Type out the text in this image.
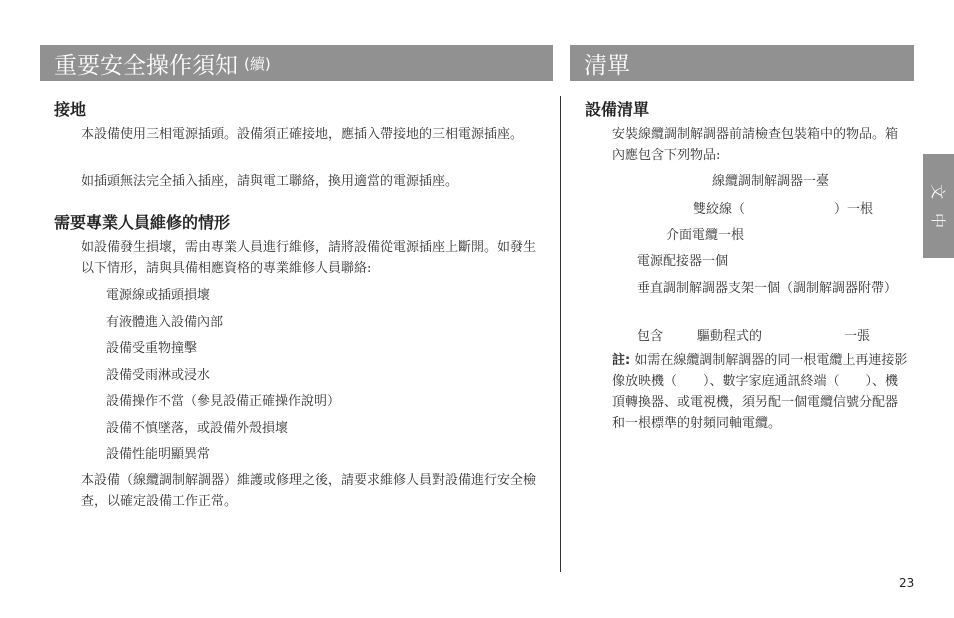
重要安全操作須知 (續)	清單
接地
本設備使用三相電源插頭。設備須正確接地，應插入帶接地的三相電源插座。
如插頭無法完全插入插座，請與電工聯絡，換用適當的電源插座。
需要專業人員維修的情形
如設備發生損壞，需由專業人員進行維修，請將設備從電源插座上斷開。如發生以下情形，請與具備相應資格的專業維修人員聯絡:
電源線或插頭損壞
有液體進入設備內部
設備受重物撞擊
設備受雨淋或浸水
設備操作不當（參見設備正確操作說明）
設備不慎墜落，或設備外殼損壞
設備性能明顯異常
本設備（線纜調制解調器）維護或修理之後，請要求維修人員對設備進行安全檢查，以確定設備工作正常。
設備清單
安裝線纜調制解調器前請檢查包裝箱中的物品。箱內應包含下列物品:
線纜調制解調器一臺
雙絞線（	）一根
介面電纜一根
電源配接器一個
垂直調制解調器支架一個（調制解調器附帶）
包含	驅動程式的	一張
註: 如需在線纜調制解調器的同一根電纜上再連接影像放映機（　　）、數字家庭通訊終端（　　）、機頂轉換器、或電視機，須另配一個電纜信號分配器和一根標準的射頻同軸電纜。
文
中
23
